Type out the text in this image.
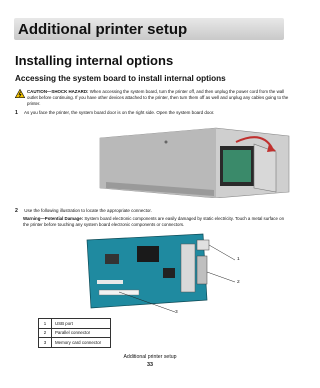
Additional printer setup
Installing internal options
Accessing the system board to install internal options
CAUTION—SHOCK HAZARD: When accessing the system board, turn the printer off, and then unplug the power cord from the wall outlet before continuing. If you have other devices attached to the printer, then turn them off as well and unplug any cables going to the printer.
1 As you face the printer, the system board door is on the right side. Open the system board door.
2 Use the following illustration to locate the appropriate connector.
Warning—Potential Damage: System board electronic components are easily damaged by static electricity. Touch a metal surface on the printer before touching any system board electronic components or connectors.
1
2
3
1	USB port
2	Parallel connector
3	Memory card connector
Additional printer setup
33
